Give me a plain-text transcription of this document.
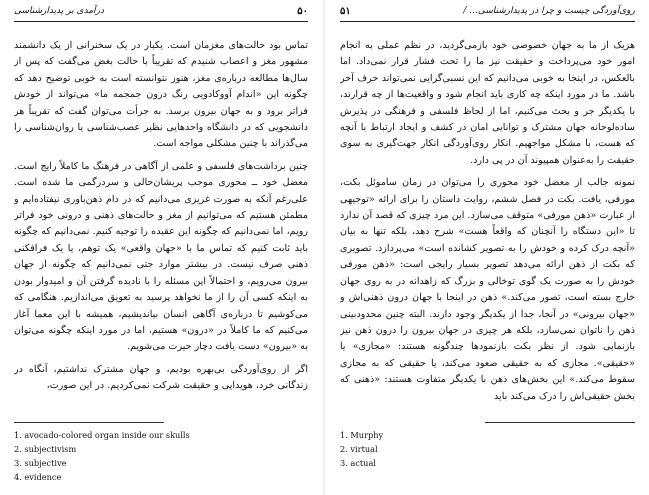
۵۰
درآمدی بر پدیدارشناسی

تماس بود حالت‌های مغزمان است. یکبار در یک سخنرانی از یک دانشمند مشهور مغز و اعصاب شنیدم که تقریباً با حالت بغض می‌گفت که پس از سال‌ها مطالعه درباره‌ی مغز، هنوز نتوانسته است به خوبی توضیح دهد که چگونه این «اندام آووکادویی رنگ درون جمجمه ما» می‌تواند از خودش فراتر برود و به جهان بیرون برسد. به جرأت می‌توان گفت که تقریباً هر دانشجویی که در دانشگاه واحدهایی نظیر عصب‌شناسی یا روان‌شناسی را می‌گذراند با چنین مشکلی مواجه است.

چنین برداشت‌های فلسفی و علمی از آگاهی در فرهنگ ما کاملاً رایج است. معضل خود ــ محوری موجب پریشان‌حالی و سردرگمی ما شده است. علی‌رغم آنکه به صورت غریزی می‌دانیم که در دام ذهن‌باوری نیفتاده‌ایم و مطمئن هستیم که می‌توانیم از مغز و حالت‌های ذهنی و درونی خود فراتر رویم، اما نمی‌دانیم که چگونه این عقیده را توجیه کنیم. نمی‌دانیم که چگونه باید ثابت کنیم که تماس ما با «جهان واقعی» یک توهم، یا یک فرافکنی ذهنی صرف نیست. در بیشتر موارد حتی نمی‌دانیم که چگونه از جهان بیرون می‌رویم، و احتمالاً این مسئله را با نادیده گرفتن آن و امیدوار بودن به اینکه کسی آن را از ما نخواهد پرسید به تعویق می‌اندازیم. هنگامی که می‌کوشیم تا درباره‌ی آگاهی انسان بیاندیشیم، همیشه با این معما آغاز می‌کنیم که ما کاملاً در «درون» هستیم، اما در مورد اینکه چگونه می‌توان به «بیرون» دست یافت دچار حیرت می‌شویم.

اگر از روی‌آوردگی بی‌بهره بودیم، و جهان مشترک نداشتیم، آنگاه در زندگانی خرد، هویدایی و حقیقت شرکت نمی‌کردیم. در این صورت،

1. avocado-colored organ inside our skulls
2. subjectivism
3. subjective
4. evidence
روی‌آوردگی چیست و چرا در پدیدارشناسی... /
۵۱

هریک از ما به جهان خصوصی خود بازمی‌گردید، در نظم عملی به انجام امور خود می‌پرداخت و حقیقت نیز ما را تحت فشار قرار نمی‌داد. اما بالعکس، در اینجا به خوبی می‌دانیم که این نسبی‌گرایی نمی‌تواند حرف آخر باشد. ما در مورد اینکه چه کاری باید انجام شود و واقعیت‌ها از چه قرارند، با یکدیگر جر و بحث می‌کنیم، اما از لحاظ فلسفی و فرهنگی در پذیرش ساده‌لوحانه جهان مشترک و توانایی امان در کشف و ایجاد ارتباط با آنچه که هست، با مشکل مواجهیم. انکار روی‌آوردگی انکار جهت‌گیری به سوی حقیقت را به‌عنوان همپیوند آن در پی دارد.

نمونه جالب از معضل خود محوری را می‌توان در زمان ساموئل بکت، مورفی، یافت. بکت در فصل ششم، روایت داستان را برای ارائه «توجیهی از عبارت «ذهن مورفی» متوقف می‌سازد. این مرد چیزی که قصد آن ندارد تا «این دستگاه را آنچنان که واقعاً هست» شرح دهد، بلکه تنها به بیان «آنچه درک کرده و خودش را به تصویر کشانده است» می‌پردازد. تصویری که بکت از ذهن ارائه می‌دهد تصویر بسیار رایجی است: «ذهن مورفی خودش را به صورت یک گوی توخالی و بزرگ که زاهدانه در به روی جهان خارج بسته است، تصور می‌کند.» ذهن در اینجا با جهان درون ذهنی‌اش و «جهان بیرونی» در آنجا، جدا از یکدیگر وجود دارند. البته چنین محدودبینی ذهن را ناتوان نمی‌سازد، بلکه هر چیزی در جهان بیرون را درون ذهن نیز بازنمایی شود. از نظر بکت بازنمودها چندگونه هستند: «مجازی» یا «حقیقی». مجازی که به حقیقی صعود می‌کند، یا حقیقی که به مجازی سقوط می‌کند.» این بخش‌های ذهن با یکدیگر متفاوت هستند: «ذهنی که بخش حقیقی‌اش را درک می‌کند باید

1. Murphy
2. virtual
3. actual
